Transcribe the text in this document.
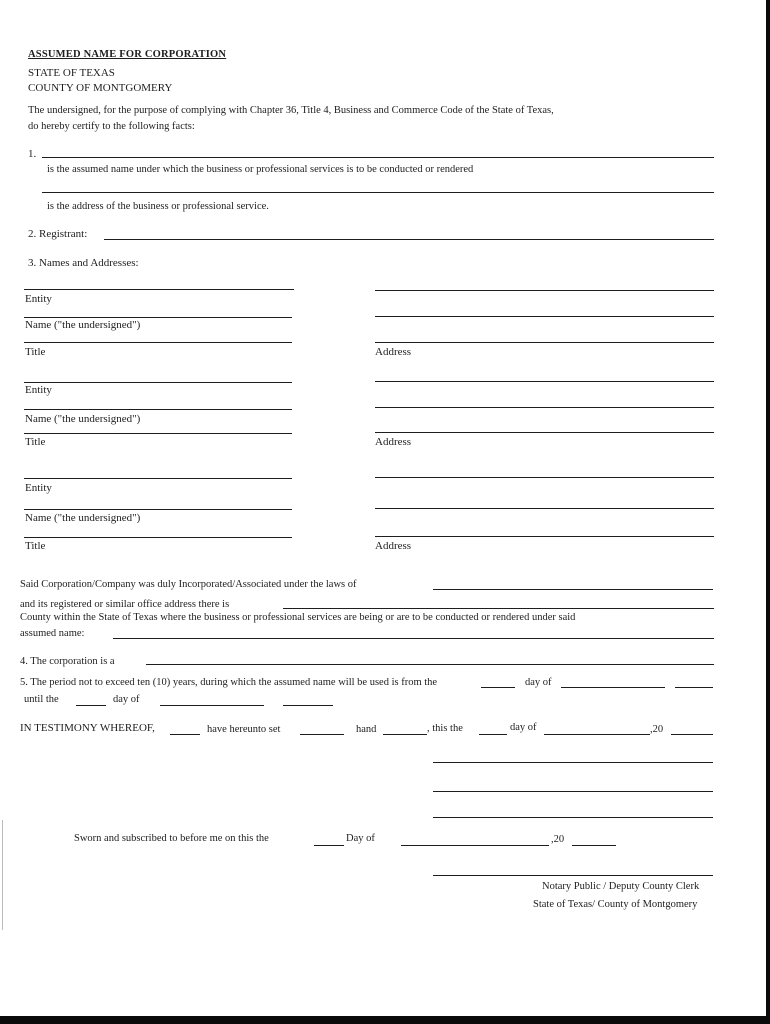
ASSUMED NAME FOR CORPORATION
STATE OF TEXAS
COUNTY OF MONTGOMERY
The undersigned, for the purpose of complying with Chapter 36, Title 4, Business and Commerce Code of the State of Texas,
do hereby certify to the following facts:
1.
is the assumed name under which the business or professional services is to be conducted or rendered
is the address of the business or professional service.
2. Registrant:
3. Names and Addresses:
Entity
Name ("the undersigned")
Title	Address
Entity
Name ("the undersigned")
Title	Address
Entity
Name ("the undersigned")
Title	Address
Said Corporation/Company was duly Incorporated/Associated under the laws of
and its registered or similar office address there is
County within the State of Texas where the business or professional services are being or are to be conducted or rendered under said
assumed name:
4. The corporation is a
5. The period not to exceed ten (10) years, during which the assumed name will be used is from the	day of
until the	day of
IN TESTIMONY WHEREOF,	have hereunto set	hand	, this the	day of	,20
Sworn and subscribed to before me on this the	Day of	,20
Notary Public / Deputy County Clerk
State of Texas/ County of Montgomery
